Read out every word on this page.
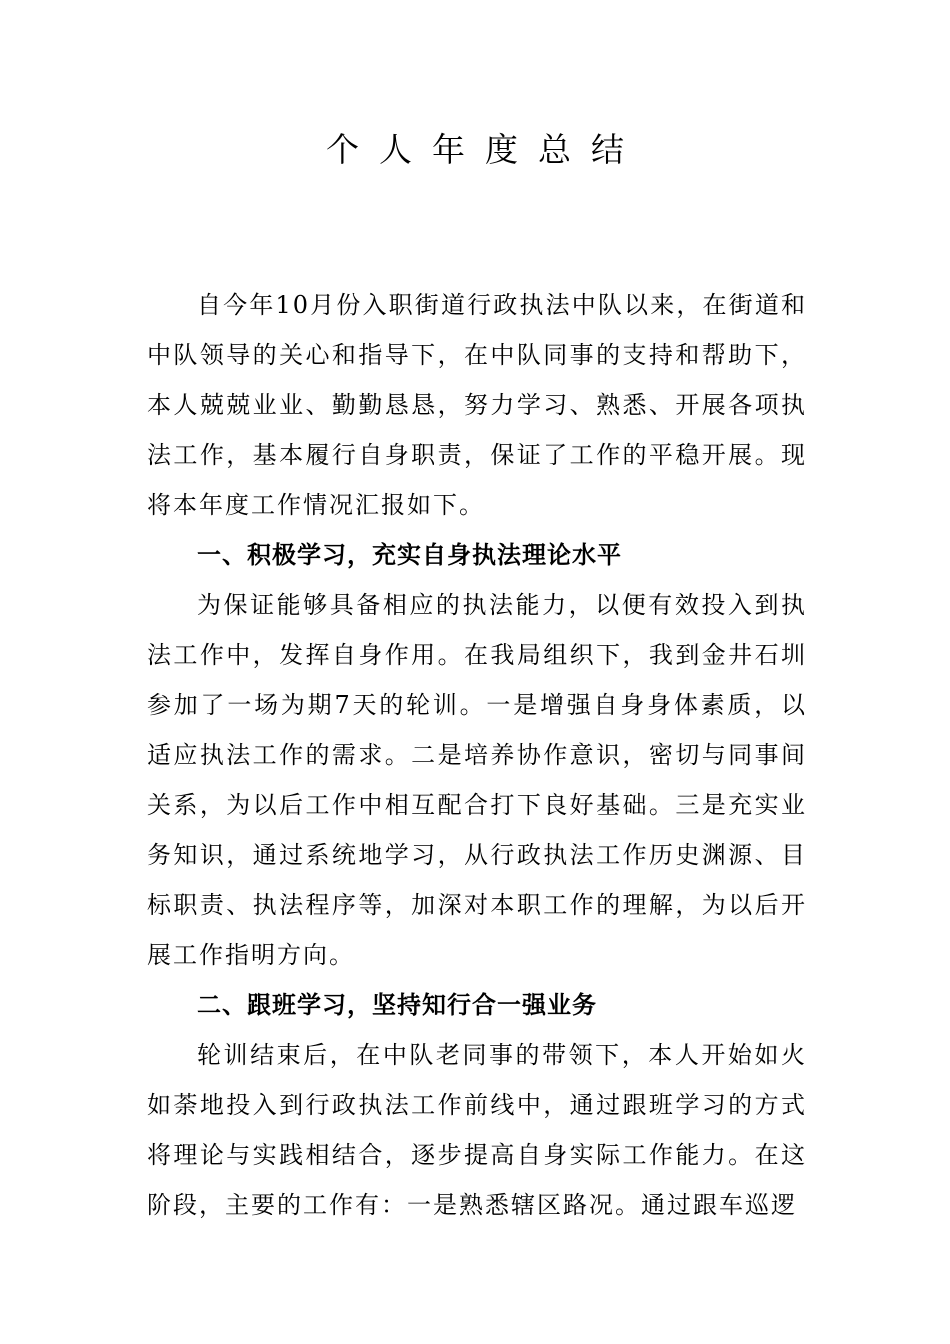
个人年度总结

自今年10月份入职街道行政执法中队以来，在街道和中队领导的关心和指导下，在中队同事的支持和帮助下，本人兢兢业业、勤勤恳恳，努力学习、熟悉、开展各项执法工作，基本履行自身职责，保证了工作的平稳开展。现将本年度工作情况汇报如下。

一、积极学习，充实自身执法理论水平

为保证能够具备相应的执法能力，以便有效投入到执法工作中，发挥自身作用。在我局组织下，我到金井石圳参加了一场为期7天的轮训。一是增强自身身体素质，以适应执法工作的需求。二是培养协作意识，密切与同事间关系，为以后工作中相互配合打下良好基础。三是充实业务知识，通过系统地学习，从行政执法工作历史渊源、目标职责、执法程序等，加深对本职工作的理解，为以后开展工作指明方向。

二、跟班学习，坚持知行合一强业务

轮训结束后，在中队老同事的带领下，本人开始如火如荼地投入到行政执法工作前线中，通过跟班学习的方式将理论与实践相结合，逐步提高自身实际工作能力。在这阶段，主要的工作有：一是熟悉辖区路况。通过跟车巡逻
